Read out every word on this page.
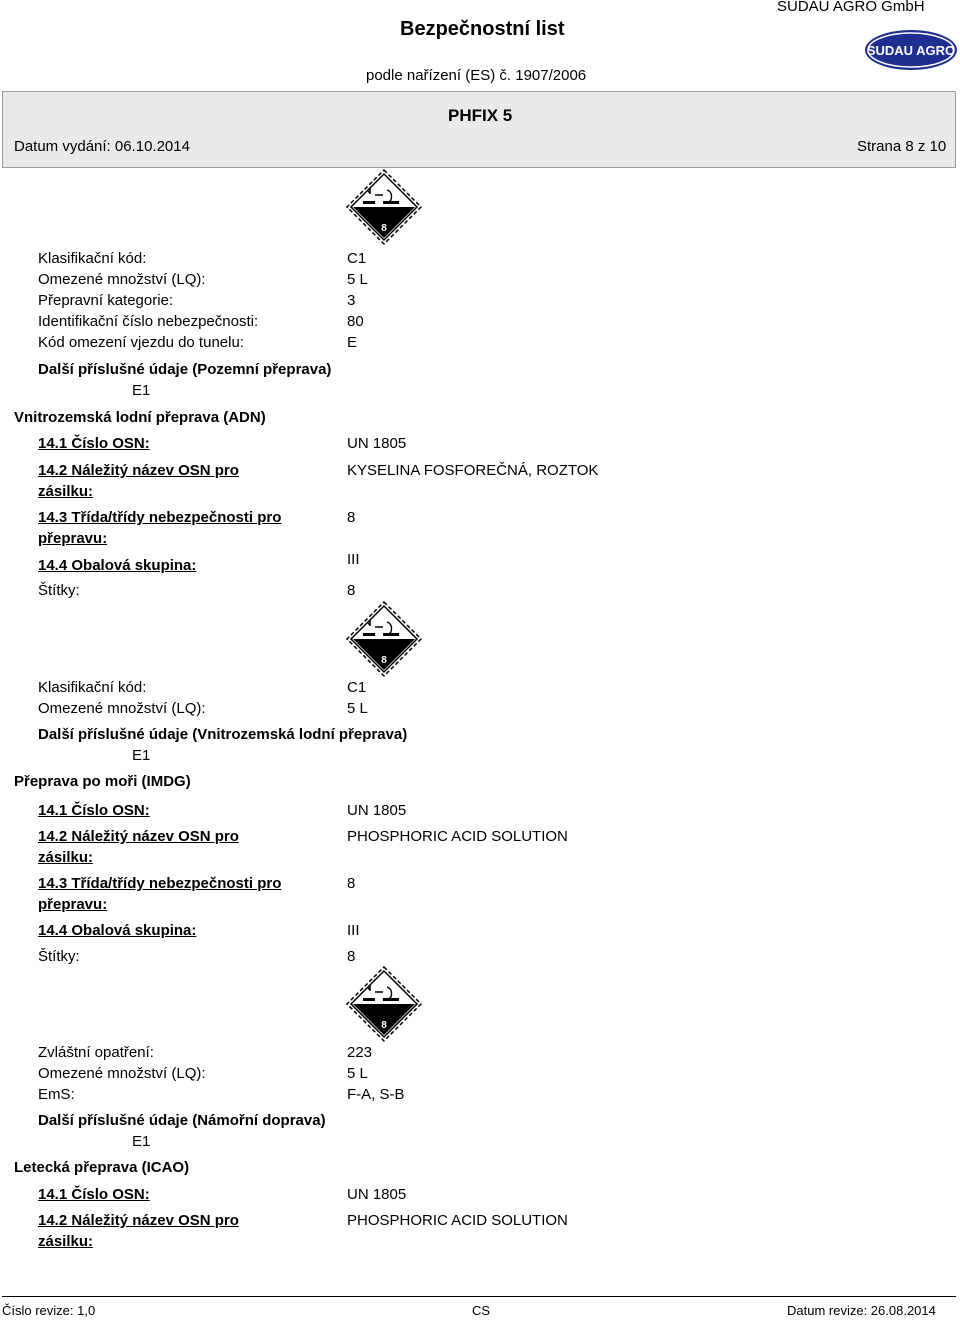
Bezpečnostní list
SUDAU AGRO GmbH
SUDAU AGRO
podle nařízení (ES) č. 1907/2006
PHFIX 5
Datum vydání: 06.10.2014	Strana 8 z 10
8
Klasifikační kód:	C1
Omezené množství (LQ):	5 L
Přepravní kategorie:	3
Identifikační číslo nebezpečnosti:	80
Kód omezení vjezdu do tunelu:	E
Další příslušné údaje (Pozemní přeprava)
E1
Vnitrozemská lodní přeprava (ADN)
14.1 Číslo OSN:	UN 1805
14.2 Náležitý název OSN pro
zásilku:
KYSELINA FOSFOREČNÁ, ROZTOK
14.3 Třída/třídy nebezpečnosti pro
přepravu:
8
14.4 Obalová skupina:	III
Štítky:	8
8
Klasifikační kód:	C1
Omezené množství (LQ):	5 L
Další příslušné údaje (Vnitrozemská lodní přeprava)
E1
Přeprava po moři (IMDG)
14.1 Číslo OSN:	UN 1805
14.2 Náležitý název OSN pro
zásilku:
PHOSPHORIC ACID SOLUTION
14.3 Třída/třídy nebezpečnosti pro
přepravu:
8
14.4 Obalová skupina:	III
Štítky:	8
8
Zvláštní opatření:	223
Omezené množství (LQ):	5 L
EmS:	F-A, S-B
Další příslušné údaje (Námořní doprava)
E1
Letecká přeprava (ICAO)
14.1 Číslo OSN:	UN 1805
14.2 Náležitý název OSN pro
zásilku:
PHOSPHORIC ACID SOLUTION
Číslo revize: 1,0	CS	Datum revize: 26.08.2014
